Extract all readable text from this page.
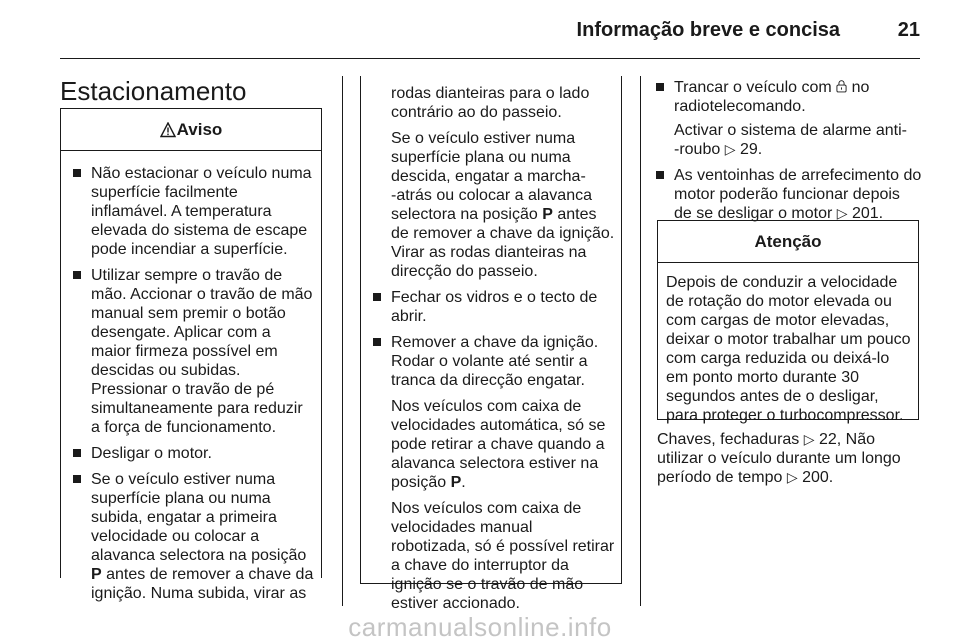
Informação breve e concisa	21
Estacionamento
Aviso
Não estacionar o veículo numa superfície facilmente inflamável. A temperatura elevada do sistema de escape pode incendiar a superfície.
Utilizar sempre o travão de mão. Accionar o travão de mão manual sem premir o botão desengate. Aplicar com a maior firmeza possível em descidas ou subidas. Pressionar o travão de pé simultaneamente para reduzir a força de funcionamento.
Desligar o motor.
Se o veículo estiver numa superfície plana ou numa subida, engatar a primeira velocidade ou colocar a alavanca selectora na posição P antes de remover a chave da ignição. Numa subida, virar as

rodas dianteiras para o lado contrário ao do passeio.

Se o veículo estiver numa superfície plana ou numa descida, engatar a marcha-‑atrás ou colocar a alavanca selectora na posição P antes de remover a chave da ignição. Virar as rodas dianteiras na direcção do passeio.

Fechar os vidros e o tecto de abrir.
Remover a chave da ignição. Rodar o volante até sentir a tranca da direcção engatar.

Nos veículos com caixa de velocidades automática, só se pode retirar a chave quando a alavanca selectora estiver na posição P.

Nos veículos com caixa de velocidades manual robotizada, só é possível retirar a chave do interruptor da ignição se o travão de mão estiver accionado.

Trancar o veículo com  no radiotelecomando.

Activar o sistema de alarme anti-‑roubo ▷ 29.

As ventoinhas de arrefecimento do motor poderão funcionar depois de se desligar o motor ▷ 201.
Atenção
Depois de conduzir a velocidade de rotação do motor elevada ou com cargas de motor elevadas, deixar o motor trabalhar um pouco com carga reduzida ou deixá-lo em ponto morto durante 30 segundos antes de o desligar, para proteger o turbocompressor.
Chaves, fechaduras ▷ 22, Não utilizar o veículo durante um longo período de tempo ▷ 200.
carmanualsonline.info
